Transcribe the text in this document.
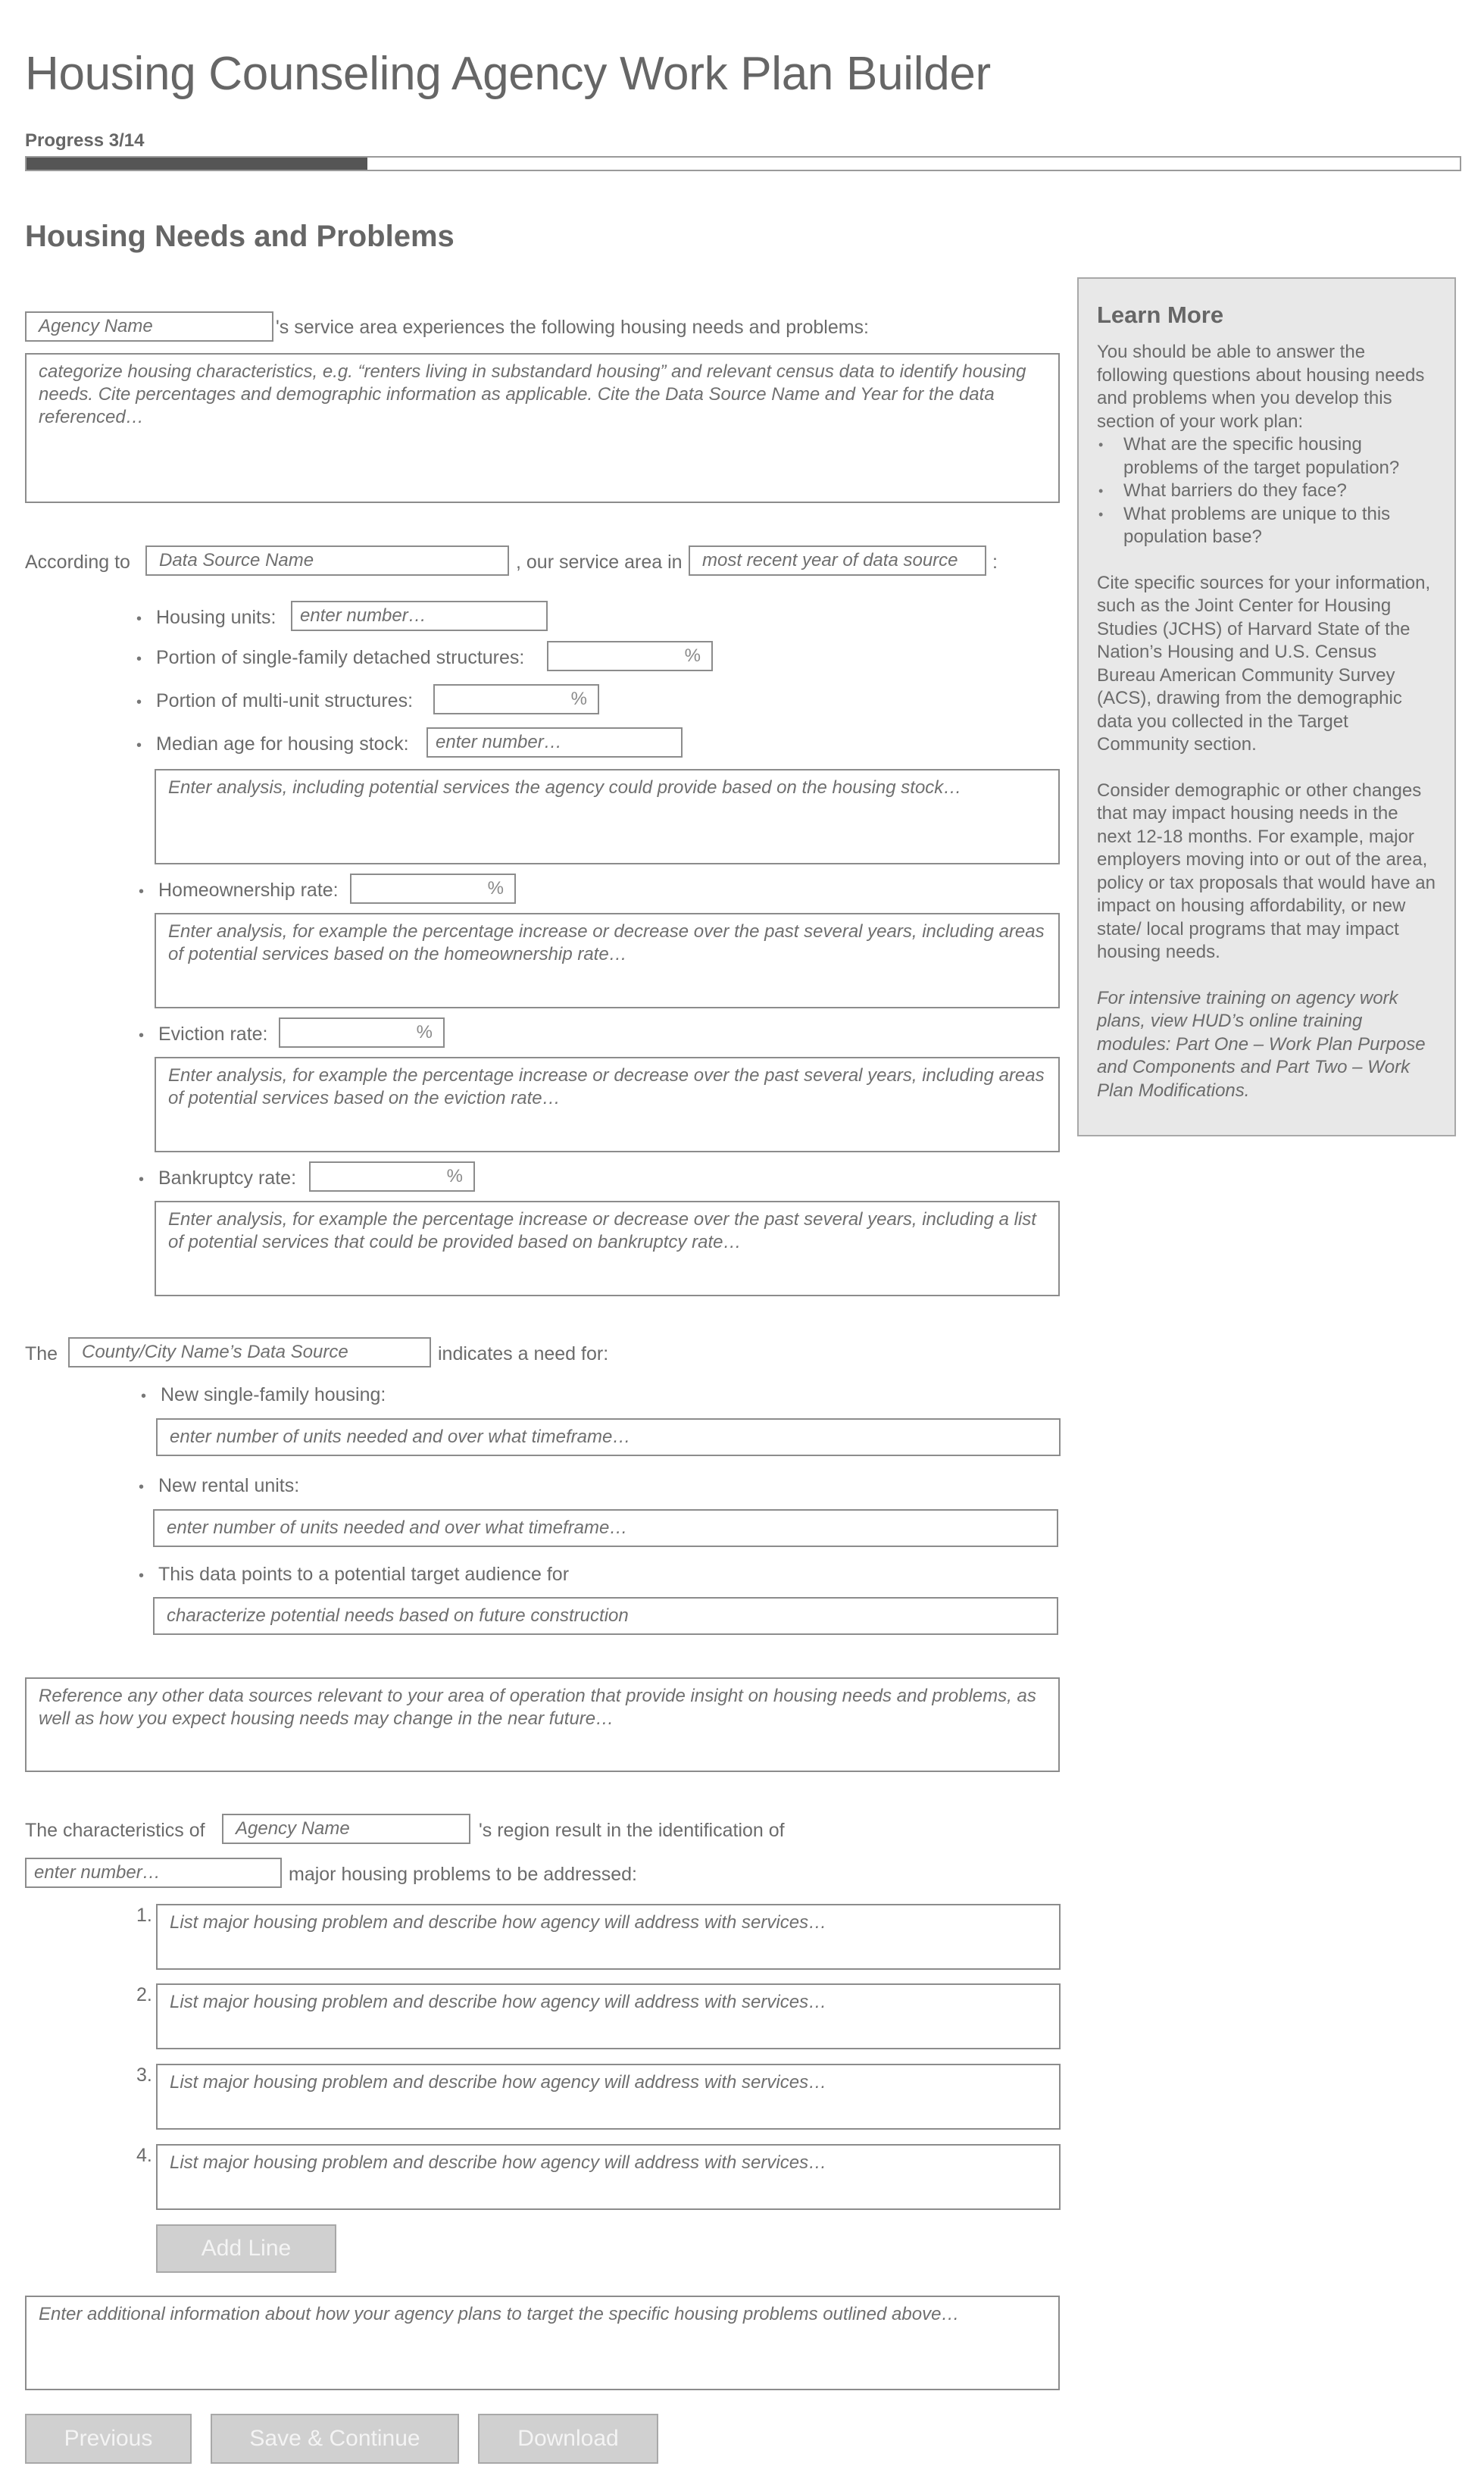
Housing Counseling Agency Work Plan Builder
Progress 3/14
Housing Needs and Problems
Agency Name	's service area experiences the following housing needs and problems:
categorize housing characteristics, e.g. “renters living in substandard housing” and relevant census data to identify housing needs. Cite percentages and demographic information as applicable. Cite the Data Source Name and Year for the data referenced…
According to	Data Source Name	, our service area in	most recent year of data source	:
• Housing units:	enter number…
• Portion of single-family detached structures:	%
• Portion of multi-unit structures:	%
• Median age for housing stock:	enter number…
Enter analysis, including potential services the agency could provide based on the housing stock…
• Homeownership rate:	%
Enter analysis, for example the percentage increase or decrease over the past several years, including areas of potential services based on the homeownership rate…
• Eviction rate:	%
Enter analysis, for example the percentage increase or decrease over the past several years, including areas of potential services based on the eviction rate…
• Bankruptcy rate:	%
Enter analysis, for example the percentage increase or decrease over the past several years, including a list of potential services that could be provided based on bankruptcy rate…
The	County/City Name’s Data Source	indicates a need for:
• New single-family housing:
enter number of units needed and over what timeframe…
• New rental units:
enter number of units needed and over what timeframe…
• This data points to a potential target audience for
characterize potential needs based on future construction
Reference any other data sources relevant to your area of operation that provide insight on housing needs and problems, as well as how you expect housing needs may change in the near future…
The characteristics of	Agency Name	's region result in the identification of
enter number…	major housing problems to be addressed:
1. List major housing problem and describe how agency will address with services…
2. List major housing problem and describe how agency will address with services…
3. List major housing problem and describe how agency will address with services…
4. List major housing problem and describe how agency will address with services…
Add Line
Enter additional information about how your agency plans to target the specific housing problems outlined above…
Previous	Save & Continue	Download
Learn More

You should be able to answer the following questions about housing needs and problems when you develop this section of your work plan:

• What are the specific housing problems of the target population?
• What barriers do they face?
• What problems are unique to this population base?

Cite specific sources for your information, such as the Joint Center for Housing Studies (JCHS) of Harvard State of the Nation’s Housing and U.S. Census Bureau American Community Survey (ACS), drawing from the demographic data you collected in the Target Community section.

Consider demographic or other changes that may impact housing needs in the next 12-18 months. For example, major employers moving into or out of the area, policy or tax proposals that would have an impact on housing affordability, or new state/ local programs that may impact housing needs.

For intensive training on agency work plans, view HUD’s online training modules: Part One – Work Plan Purpose and Components and Part Two – Work Plan Modifications.
